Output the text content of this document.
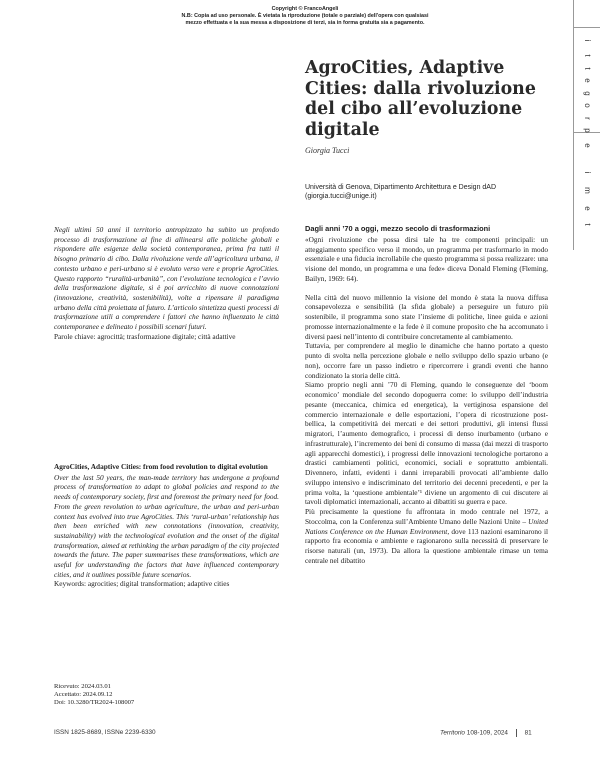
Copyright © FrancoAngeli
N.B: Copia ad uso personale. È vietata la riproduzione (totale o parziale) dell'opera con qualsiasi
mezzo effettuata e la sua messa a disposizione di terzi, sia in forma gratuita sia a pagamento.
i
t
t
e
g
o
r
p
e
i
m
e
t
AgroCities, Adaptive Cities: dalla rivoluzione del cibo all’evoluzione digitale
Giorgia Tucci
Università di Genova, Dipartimento Architettura e Design dAD
(giorgia.tucci@unige.it)

Negli ultimi 50 anni il territorio antropizzato ha subito un profondo processo di trasformazione al fine di allinearsi alle politiche globali e rispondere alle esigenze della società contemporanea, prima fra tutti il bisogno primario di cibo. Dalla rivoluzione verde all’agricoltura urbana, il contesto urbano e peri-urbano si è evoluto verso vere e proprie AgroCities. Questo rapporto “ruralità-urbanità”, con l’evoluzione tecnologica e l’avvio della trasformazione digitale, si è poi arricchito di nuove connotazioni (innovazione, creatività, sostenibilità), volte a ripensare il paradigma urbano della città proiettata al futuro. L’articolo sintetizza questi processi di trasformazione utili a comprendere i fattori che hanno influenzato le città contemporanee e delineato i possibili scenari futuri.

Parole chiave: agrocittà; trasformazione digitale; città adattive

AgroCities, Adaptive Cities: from food revolution to digital evolution

Over the last 50 years, the man-made territory has undergone a profound process of transformation to adapt to global policies and respond to the needs of contemporary society, first and foremost the primary need for food. From the green revolution to urban agriculture, the urban and peri-urban context has evolved into true AgroCities. This ‘rural-urban’ relationship has then been enriched with new connotations (innovation, creativity, sustainability) with the technological evolution and the onset of the digital transformation, aimed at rethinking the urban paradigm of the city projected towards the future. The paper summarises these transformations, which are useful for understanding the factors that have influenced contemporary cities, and it outlines possible future scenarios.

Keywords: agrocities; digital transformation; adaptive cities

Ricevuto: 2024.03.01
Accettato: 2024.09.12
Doi: 10.3280/TR2024-108007
Dagli anni ’70 a oggi, mezzo secolo di trasformazioni

«Ogni rivoluzione che possa dirsi tale ha tre componenti principali: un atteggiamento specifico verso il mondo, un programma per trasformarlo in modo essenziale e una fiducia incrollabile che questo programma si possa realizzare: una visione del mondo, un programma e una fede» diceva Donald Fleming (Fleming, Bailyn, 1969: 64).

Nella città del nuovo millennio la visione del mondo è stata la nuova diffusa consapevolezza e sensibilità (la sfida globale) a perseguire un futuro più sostenibile, il programma sono state l’insieme di politiche, linee guida e azioni promosse internazionalmente e la fede è il comune proposito che ha accomunato i diversi paesi nell’intento di contribuire concretamente al cambiamento.

Tuttavia, per comprendere al meglio le dinamiche che hanno portato a questo punto di svolta nella percezione globale e nello sviluppo dello spazio urbano (e non), occorre fare un passo indietro e ripercorrere i grandi eventi che hanno condizionato la storia delle città.

Siamo proprio negli anni ’70 di Fleming, quando le conseguenze del ‘boom economico’ mondiale del secondo dopoguerra come: lo sviluppo dell’industria pesante (meccanica, chimica ed energetica), la vertiginosa espansione del commercio internazionale e delle esportazioni, l’opera di ricostruzione post-bellica, la competitività dei mercati e dei settori produttivi, gli intensi flussi migratori, l’aumento demografico, i processi di denso inurbamento (urbano e infrastrutturale), l’incremento dei beni di consumo di massa (dai mezzi di trasporto agli apparecchi domestici), i progressi delle innovazioni tecnologiche portarono a drastici cambiamenti politici, economici, sociali e soprattutto ambientali. Divennero, infatti, evidenti i danni irreparabili provocati all’ambiente dallo sviluppo intensivo e indiscriminato del territorio dei decenni precedenti, e per la prima volta, la ‘questione ambientale’¹ diviene un argomento di cui discutere ai tavoli diplomatici internazionali, accanto ai dibattiti su guerra e pace.

Più precisamente la questione fu affrontata in modo centrale nel 1972, a Stoccolma, con la Conferenza sull’Ambiente Umano delle Nazioni Unite – United Nations Conference on the Human Environment, dove 113 nazioni esaminarono il rapporto fra economia e ambiente e ragionarono sulla necessità di preservare le risorse naturali (un, 1973). Da allora la questione ambientale rimase un tema centrale nel dibattito

ISSN 1825-8689, ISSNe 2239-6330	Territorio 108-109, 2024	81
